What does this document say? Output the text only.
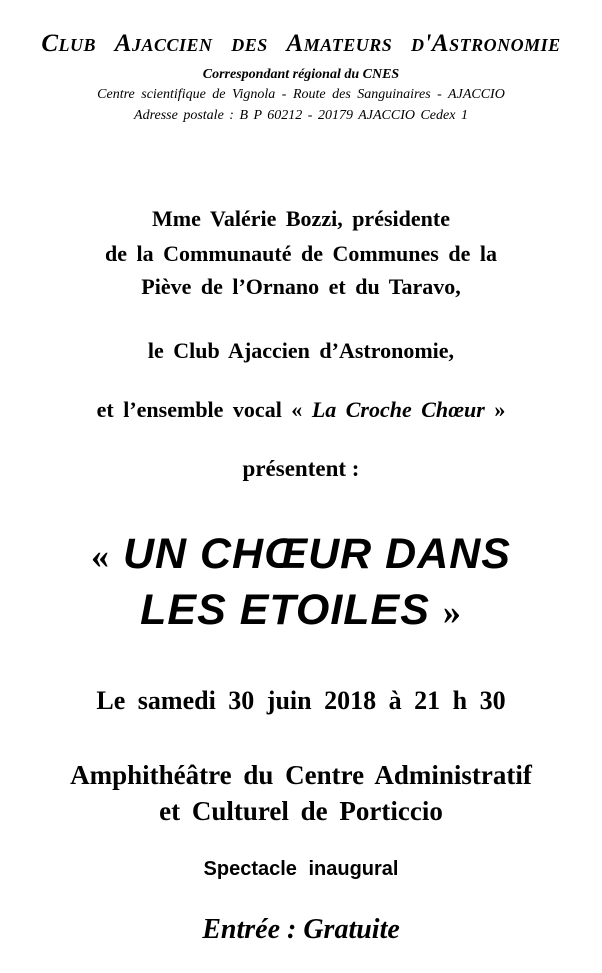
Club Ajaccien des Amateurs d'Astronomie
Correspondant régional du CNES
Centre scientifique de Vignola - Route des Sanguinaires - AJACCIO
Adresse postale : B P 60212 - 20179 AJACCIO Cedex 1
Mme Valérie Bozzi, présidente
de la Communauté de Communes de la
Piève de l’Ornano et du Taravo,
le Club Ajaccien d’Astronomie,
et l’ensemble vocal « La Croche Chœur »
présentent :
« UN CHŒUR DANS
LES ETOILES »
Le samedi 30 juin 2018 à 21 h 30
Amphithéâtre du Centre Administratif
et Culturel de Porticcio
Spectacle inaugural
Entrée : Gratuite
